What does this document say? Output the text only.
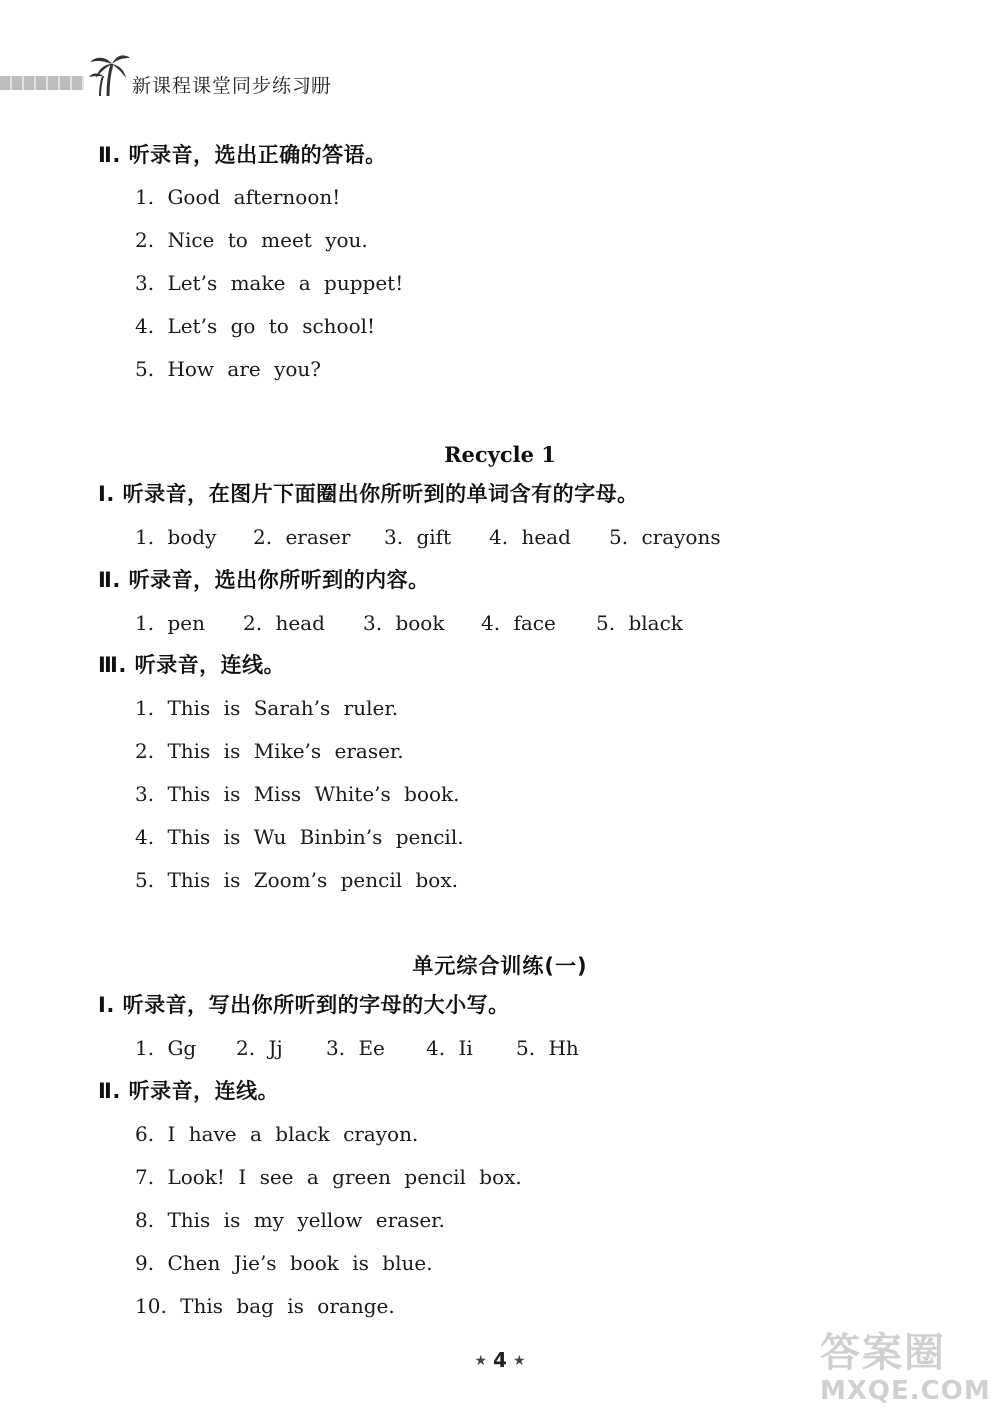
新课程课堂同步练习册
Ⅱ. 听录音，选出正确的答语。
1. Good afternoon!
2. Nice to meet you.
3. Let’s make a puppet!
4. Let’s go to school!
5. How are you?
Recycle 1
Ⅰ. 听录音，在图片下面圈出你所听到的单词含有的字母。
1. body 2. eraser 3. gift 4. head 5. crayons
Ⅱ. 听录音，选出你所听到的内容。
1. pen 2. head 3. book 4. face 5. black
Ⅲ. 听录音，连线。
1. This is Sarah’s ruler.
2. This is Mike’s eraser.
3. This is Miss White’s book.
4. This is Wu Binbin’s pencil.
5. This is Zoom’s pencil box.
单元综合训练(一)
Ⅰ. 听录音，写出你所听到的字母的大小写。
1. Gg 2. Jj 3. Ee 4. Ii 5. Hh
Ⅱ. 听录音，连线。
6. I have a black crayon.
7. Look! I see a green pencil box.
8. This is my yellow eraser.
9. Chen Jie’s book is blue.
10. This bag is orange.
★ 4 ★	答案圈
MXQE.COM
